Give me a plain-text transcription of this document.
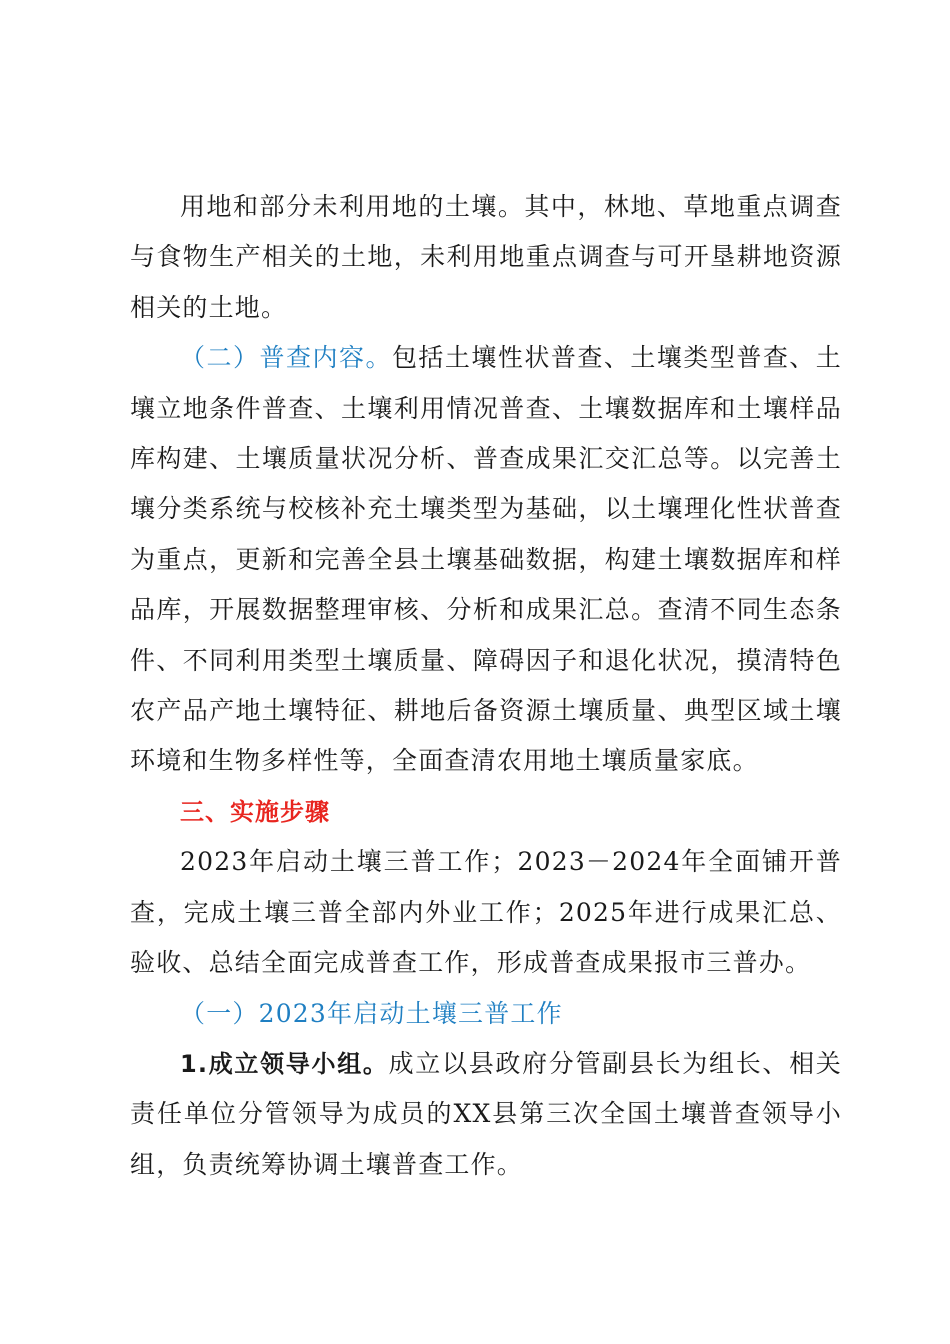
用地和部分未利用地的土壤。其中，林地、草地重点调查与食物生产相关的土地，未利用地重点调查与可开垦耕地资源相关的土地。

（二）普查内容。包括土壤性状普查、土壤类型普查、土壤立地条件普查、土壤利用情况普查、土壤数据库和土壤样品库构建、土壤质量状况分析、普查成果汇交汇总等。以完善土壤分类系统与校核补充土壤类型为基础，以土壤理化性状普查为重点，更新和完善全县土壤基础数据，构建土壤数据库和样品库，开展数据整理审核、分析和成果汇总。查清不同生态条件、不同利用类型土壤质量、障碍因子和退化状况，摸清特色农产品产地土壤特征、耕地后备资源土壤质量、典型区域土壤环境和生物多样性等，全面查清农用地土壤质量家底。

三、实施步骤

2023年启动土壤三普工作；2023－2024年全面铺开普查，完成土壤三普全部内外业工作；2025年进行成果汇总、验收、总结全面完成普查工作，形成普查成果报市三普办。

（一）2023年启动土壤三普工作

1.成立领导小组。成立以县政府分管副县长为组长、相关责任单位分管领导为成员的XX县第三次全国土壤普查领导小组，负责统筹协调土壤普查工作。
